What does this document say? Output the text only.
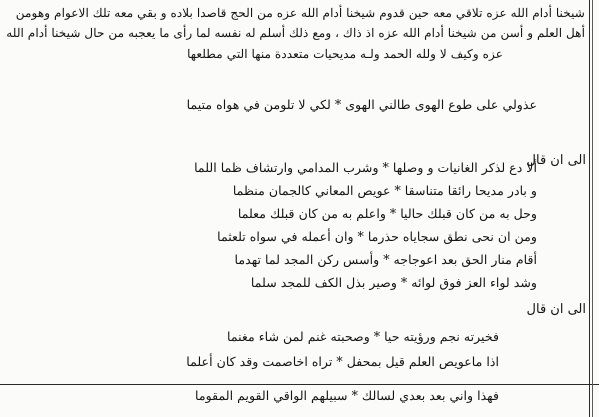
شيخنا أدام الله عزه تلاقي معه حين قدوم شيخنا أدام الله عزه من الحج قاصدا بلاده و بقي معه تلك الاعوام وهومن
أهل العلم و أسن من شيخنا أدام الله عزه اذ ذاك ، ومع ذلك أسلم له نفسه لما رأى ما يعجبه من حال شيخنا أدام الله
عزه وكيف لا ولله الحمد ولـه مديحيات متعددة منها التي مطلعها
عذولي على طوع الهوى طالني الهوى * لكي لا تلومن في هواه متيما
الى ان قال
ألا دع لذكر الغانيات و وصلها * وشرب المدامي وارتشاف ظما اللما
و بادر مديحا رائقا متناسقا * عويص المعاني كالجمان منظما
وحل به من كان قبلك حاليا * واعلم به من كان قبلك معلما
ومن ان نحى نطق سجاياه حذرما * وان أعمله في سواه تلعثما
أقام منار الحق بعد اعوجاجه * وأسس ركن المجد لما تهدما
وشد لواء العز فوق لوائه * وصير بذل الكف للمجد سلما
الى ان قال
فخيرته نجم ورؤيته حيا * وصحبته غنم لمن شاء مغنما
اذا ماعويص العلم قيل بمحفل * تراه اخاصمت وقد كان أعلما
فهذا واني بعد بعدي لسالك * سبيلهم الواقي القويم المقوما
